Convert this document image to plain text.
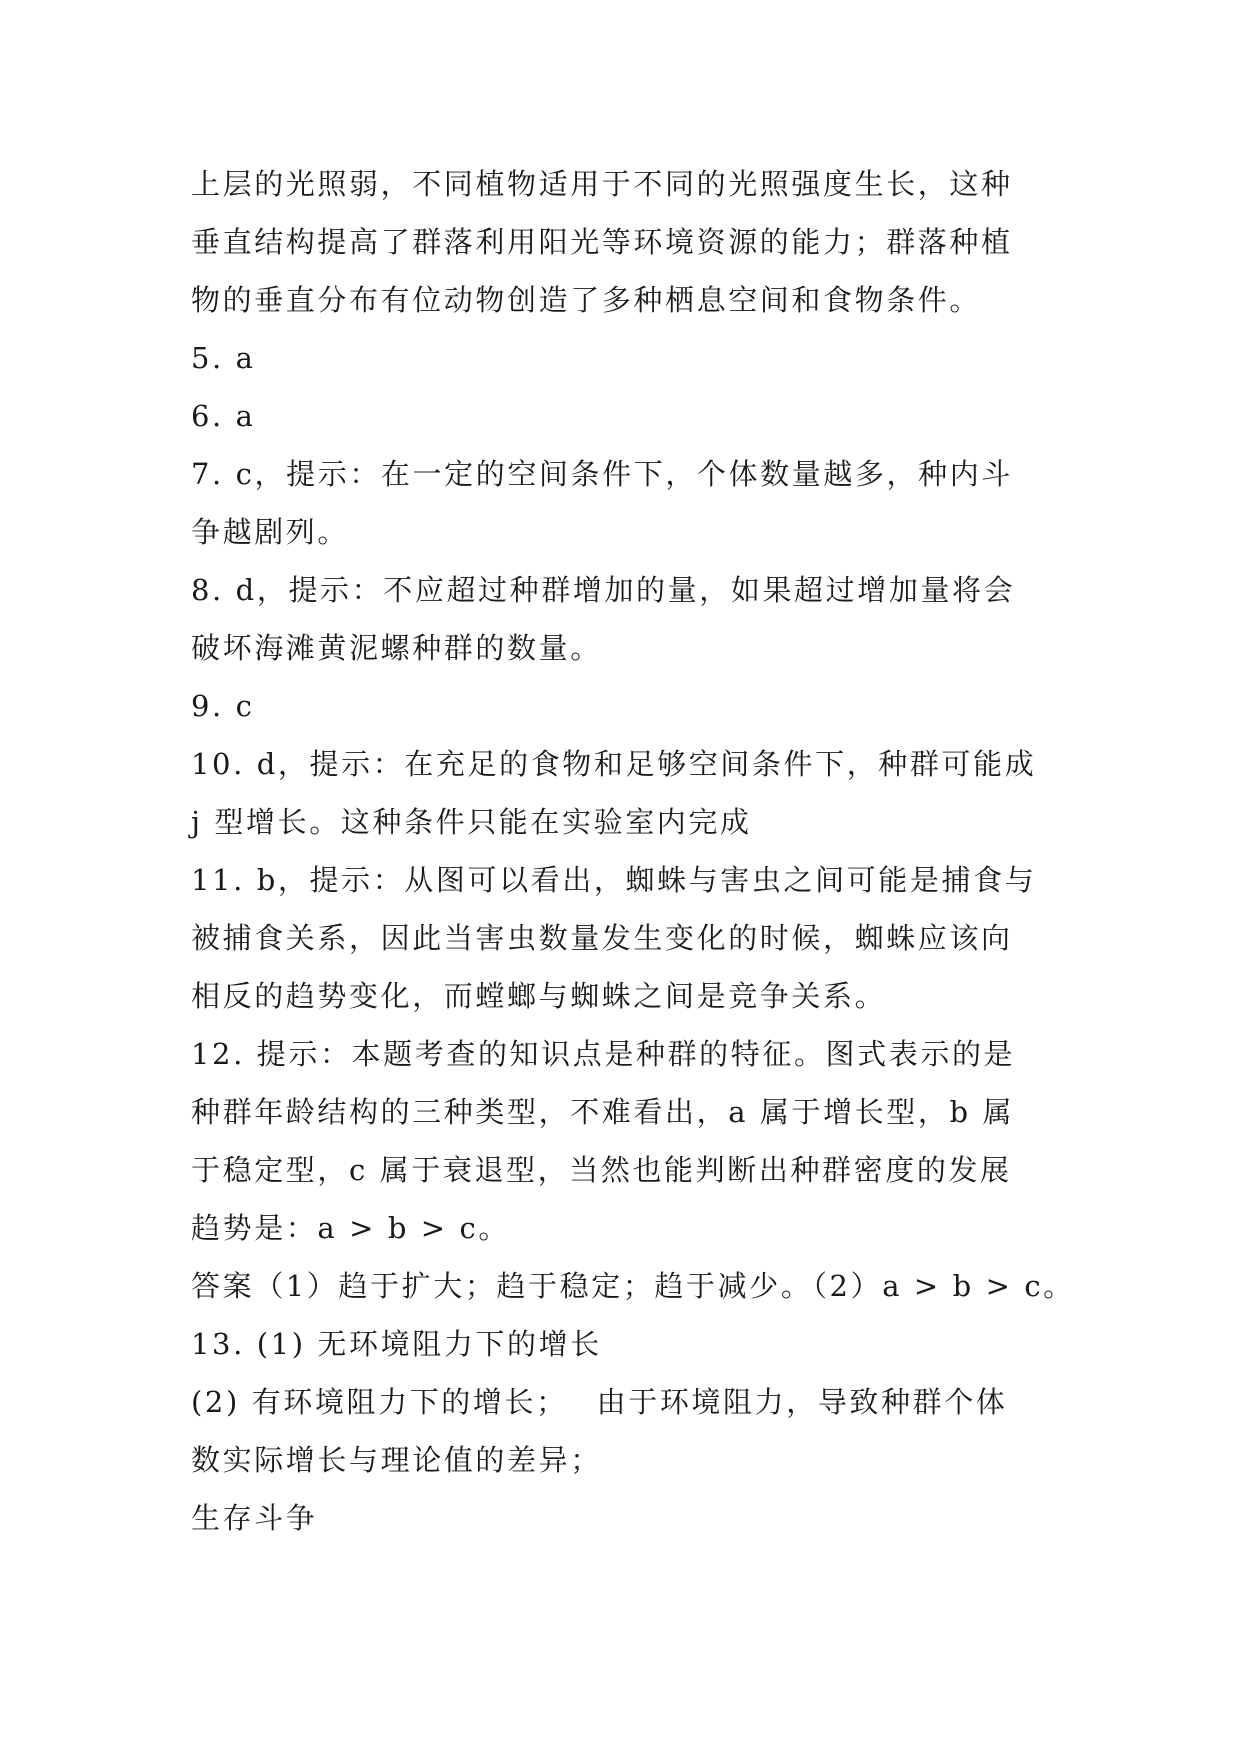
上层的光照弱，不同植物适用于不同的光照强度生长，这种
垂直结构提高了群落利用阳光等环境资源的能力；群落种植
物的垂直分布有位动物创造了多种栖息空间和食物条件。
5. a
6. a
7. c，提示：在一定的空间条件下，个体数量越多，种内斗
争越剧列。
8. d，提示：不应超过种群增加的量，如果超过增加量将会
破坏海滩黄泥螺种群的数量。
9. c
10. d，提示：在充足的食物和足够空间条件下，种群可能成
j 型增长。这种条件只能在实验室内完成
11. b，提示：从图可以看出，蜘蛛与害虫之间可能是捕食与
被捕食关系，因此当害虫数量发生变化的时候，蜘蛛应该向
相反的趋势变化，而螳螂与蜘蛛之间是竞争关系。
12. 提示：本题考查的知识点是种群的特征。图式表示的是
种群年龄结构的三种类型，不难看出，a 属于增长型，b 属
于稳定型，c 属于衰退型，当然也能判断出种群密度的发展
趋势是：a > b > c。
答案（1）趋于扩大；趋于稳定；趋于减少。（2）a > b > c。
13. (1) 无环境阻力下的增长
(2) 有环境阻力下的增长；　 由于环境阻力，导致种群个体
数实际增长与理论值的差异；
生存斗争
